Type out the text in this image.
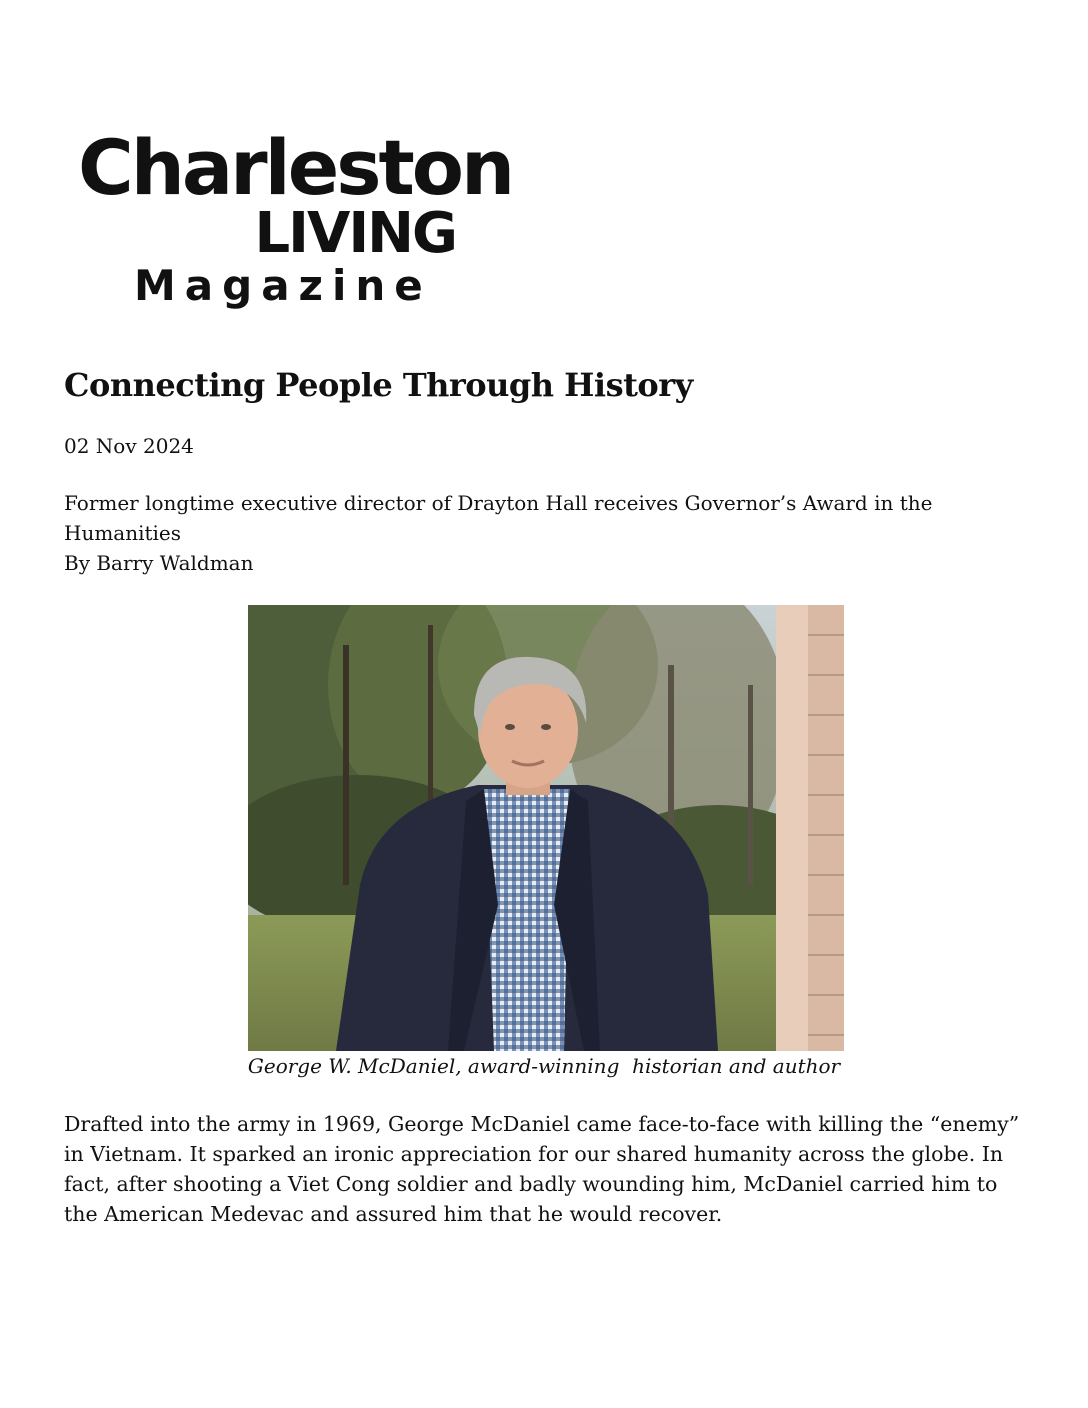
Charleston
LIVING
Magazine
Connecting People Through History
02 Nov 2024
Former longtime executive director of Drayton Hall receives Governor’s Award in the Humanities
By Barry Waldman
George W. McDaniel, award-winning  historian and author

Drafted into the army in 1969, George McDaniel came face-to-face with killing the “enemy” in Vietnam. It sparked an ironic appreciation for our shared humanity across the globe. In fact, after shooting a Viet Cong soldier and badly wounding him, McDaniel carried him to the American Medevac and assured him that he would recover.
